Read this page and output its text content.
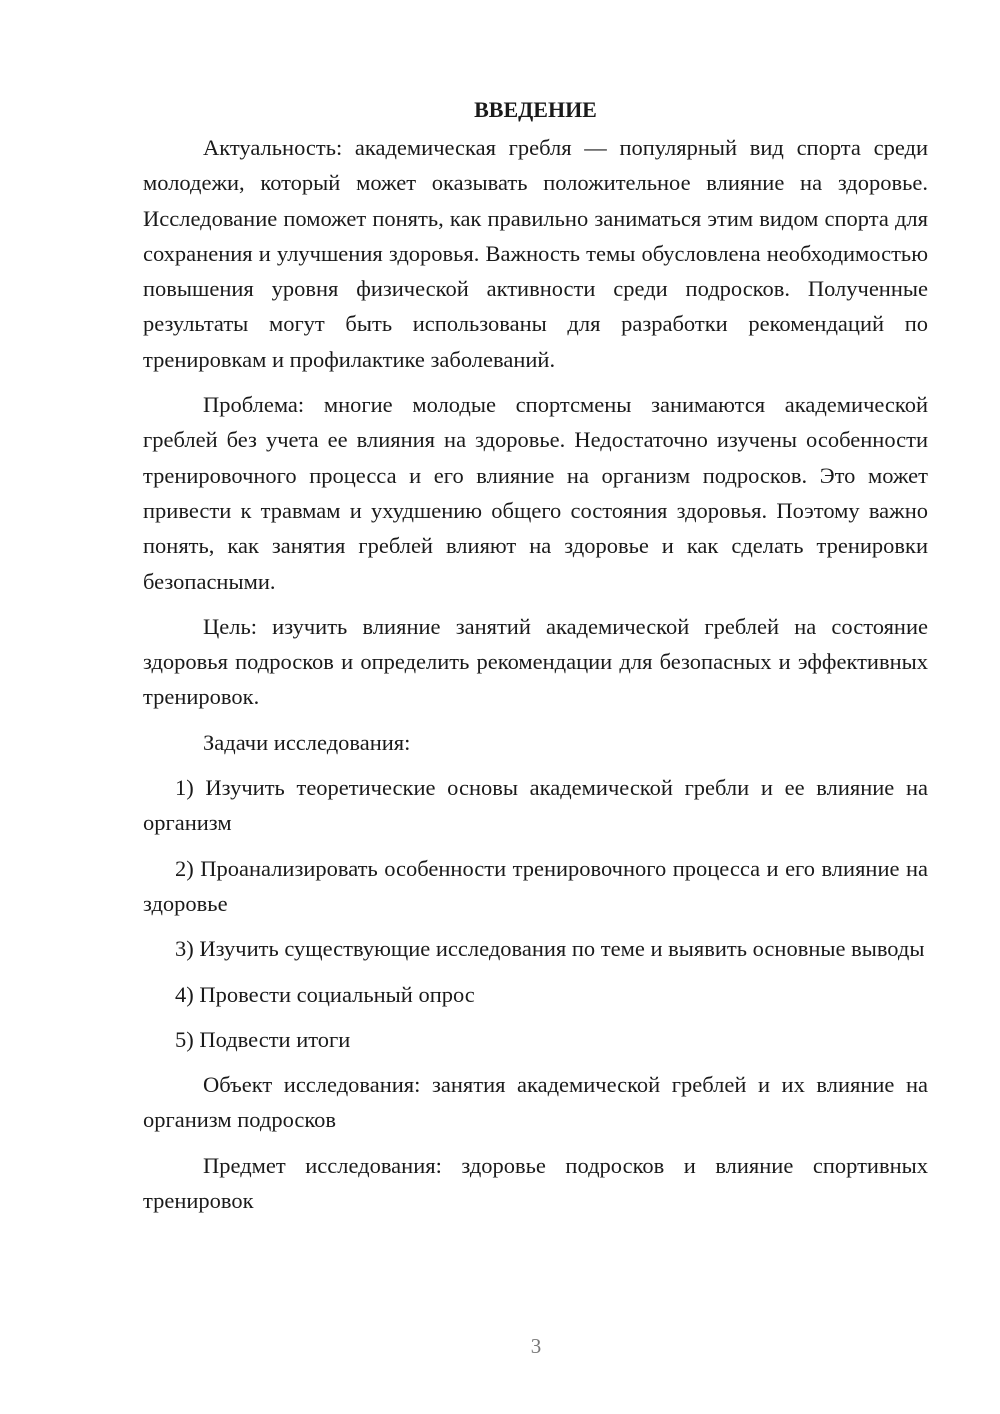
ВВЕДЕНИЕ

Актуальность: академическая гребля — популярный вид спорта среди молодежи, который может оказывать положительное влияние на здоровье. Исследование поможет понять, как правильно заниматься этим видом спорта для сохранения и улучшения здоровья. Важность темы обусловлена необходимостью повышения уровня физической активности среди подросков. Полученные результаты могут быть использованы для разработки рекомендаций по тренировкам и профилактике заболеваний.

Проблема: многие молодые спортсмены занимаются академической греблей без учета ее влияния на здоровье. Недостаточно изучены особенности тренировочного процесса и его влияние на организм подросков. Это может привести к травмам и ухудшению общего состояния здоровья. Поэтому важно понять, как занятия греблей влияют на здоровье и как сделать тренировки безопасными.

Цель: изучить влияние занятий академической греблей на состояние здоровья подросков и определить рекомендации для безопасных и эффективных тренировок.

Задачи исследования:

1) Изучить теоретические основы академической гребли и ее влияние на организм

2) Проанализировать особенности тренировочного процесса и его влияние на здоровье

3) Изучить существующие исследования по теме и выявить основные выводы

4) Провести социальный опрос

5) Подвести итоги

Объект исследования: занятия академической греблей и их влияние на организм подросков

Предмет исследования: здоровье подросков и влияние спортивных тренировок

3
